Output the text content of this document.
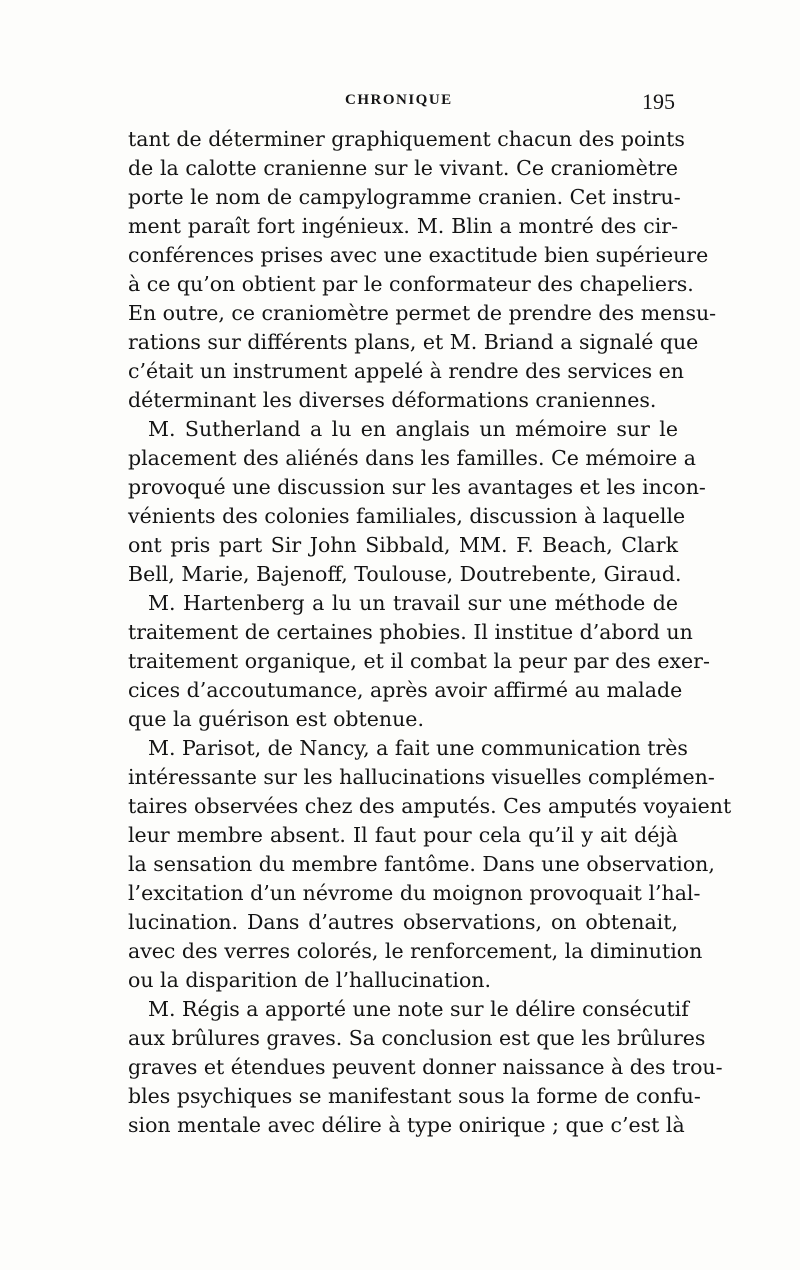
CHRONIQUE	195
tant de déterminer graphiquement chacun des points
de la calotte cranienne sur le vivant. Ce craniomètre
porte le nom de campylogramme cranien. Cet instru-
ment paraît fort ingénieux. M. Blin a montré des cir-
conférences prises avec une exactitude bien supérieure
à ce qu’on obtient par le conformateur des chapeliers.
En outre, ce craniomètre permet de prendre des mensu-
rations sur différents plans, et M. Briand a signalé que
c’était un instrument appelé à rendre des services en
déterminant les diverses déformations craniennes.
M. Sutherland a lu en anglais un mémoire sur le
placement des aliénés dans les familles. Ce mémoire a
provoqué une discussion sur les avantages et les incon-
vénients des colonies familiales, discussion à laquelle
ont pris part Sir John Sibbald, MM. F. Beach, Clark
Bell, Marie, Bajenoff, Toulouse, Doutrebente, Giraud.
M. Hartenberg a lu un travail sur une méthode de
traitement de certaines phobies. Il institue d’abord un
traitement organique, et il combat la peur par des exer-
cices d’accoutumance, après avoir affirmé au malade
que la guérison est obtenue.
M. Parisot, de Nancy, a fait une communication très
intéressante sur les hallucinations visuelles complémen-
taires observées chez des amputés. Ces amputés voyaient
leur membre absent. Il faut pour cela qu’il y ait déjà
la sensation du membre fantôme. Dans une observation,
l’excitation d’un névrome du moignon provoquait l’hal-
lucination. Dans d’autres observations, on obtenait,
avec des verres colorés, le renforcement, la diminution
ou la disparition de l’hallucination.
M. Régis a apporté une note sur le délire consécutif
aux brûlures graves. Sa conclusion est que les brûlures
graves et étendues peuvent donner naissance à des trou-
bles psychiques se manifestant sous la forme de confu-
sion mentale avec délire à type onirique ; que c’est là
